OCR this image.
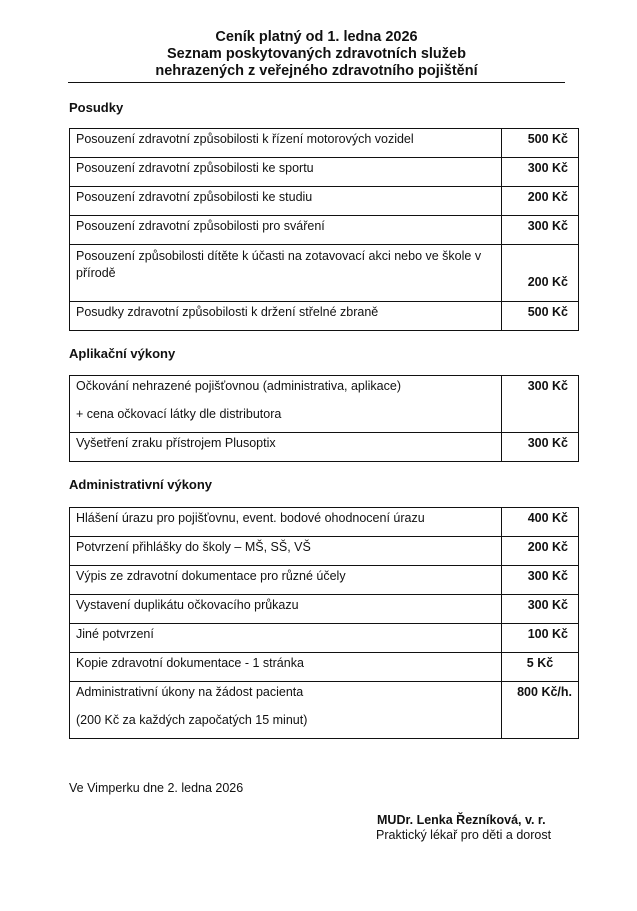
Ceník platný od 1. ledna 2026
Seznam poskytovaných zdravotních služeb
nehrazených z veřejného zdravotního pojištění
Posudky
Posouzení zdravotní způsobilosti k řízení motorových vozidel	500 Kč
Posouzení zdravotní způsobilosti ke sportu	300 Kč
Posouzení zdravotní způsobilosti ke studiu	200 Kč
Posouzení zdravotní způsobilosti pro sváření	300 Kč
Posouzení způsobilosti dítěte k účasti na zotavovací akci nebo ve škole v přírodě	200 Kč
Posudky zdravotní způsobilosti k držení střelné zbraně	500 Kč
Aplikační výkony
Očkování nehrazené pojišťovnou (administrativa, aplikace)
+ cena očkovací látky dle distributora	300 Kč
Vyšetření zraku přístrojem Plusoptix	300 Kč
Administrativní výkony
Hlášení úrazu pro pojišťovnu, event. bodové ohodnocení úrazu	400 Kč
Potvrzení přihlášky do školy – MŠ, SŠ, VŠ	200 Kč
Výpis ze zdravotní dokumentace pro různé účely	300 Kč
Vystavení duplikátu očkovacího průkazu	300 Kč
Jiné potvrzení	100 Kč
Kopie zdravotní dokumentace - 1 stránka	5 Kč
Administrativní úkony na žádost pacienta
(200 Kč za každých započatých 15 minut)	800 Kč/h.
Ve Vimperku dne 2. ledna 2026
MUDr. Lenka Řezníková, v. r.
Praktický lékař pro děti a dorost
